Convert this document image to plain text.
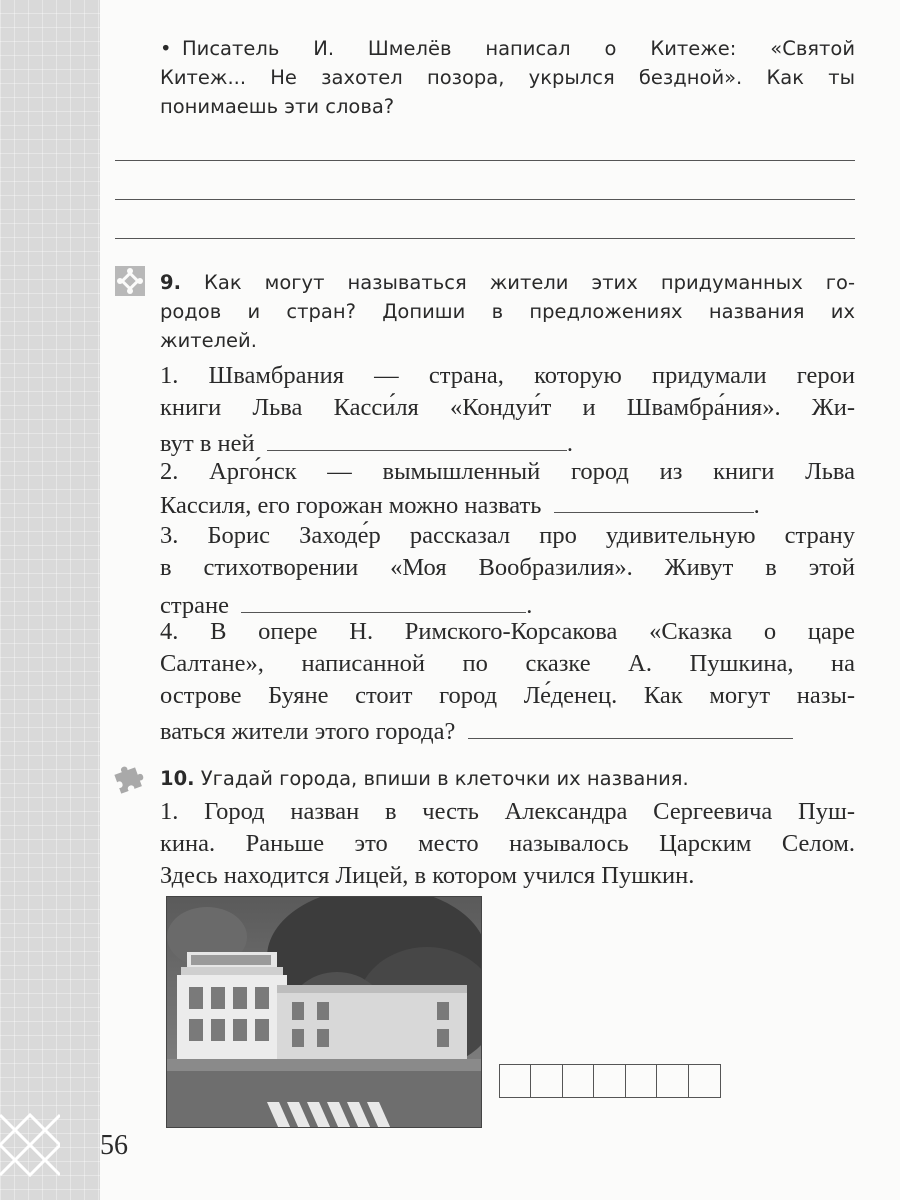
• Писатель И. Шмелёв написал о Китеже: «Святой
Китеж... Не захотел позора, укрылся бездной». Как ты
понимаешь эти слова?
9. Как могут называться жители этих придуманных го-
родов и стран? Допиши в предложениях названия их
жителей.
1. Швамбрания — страна, которую придумали герои
книги Льва Касси́ля «Кондуи́т и Швамбра́ния». Жи-
вут в ней	.
2. Арго́нск — вымышленный город из книги Льва
Кассиля, его горожан можно назвать	.
3. Борис Заходе́р рассказал про удивительную страну
в стихотворении «Моя Вообразилия». Живут в этой
стране	.
4. В опере Н. Римского-Корсакова «Сказка о царе
Салтане», написанной по сказке А. Пушкина, на
острове Буяне стоит город Ле́денец. Как могут назы-
ваться жители этого города?
10. Угадай города, впиши в клеточки их названия.
1. Город назван в честь Александра Сергеевича Пуш-
кина. Раньше это место называлось Царским Селом.
Здесь находится Лицей, в котором учился Пушкин.
56
